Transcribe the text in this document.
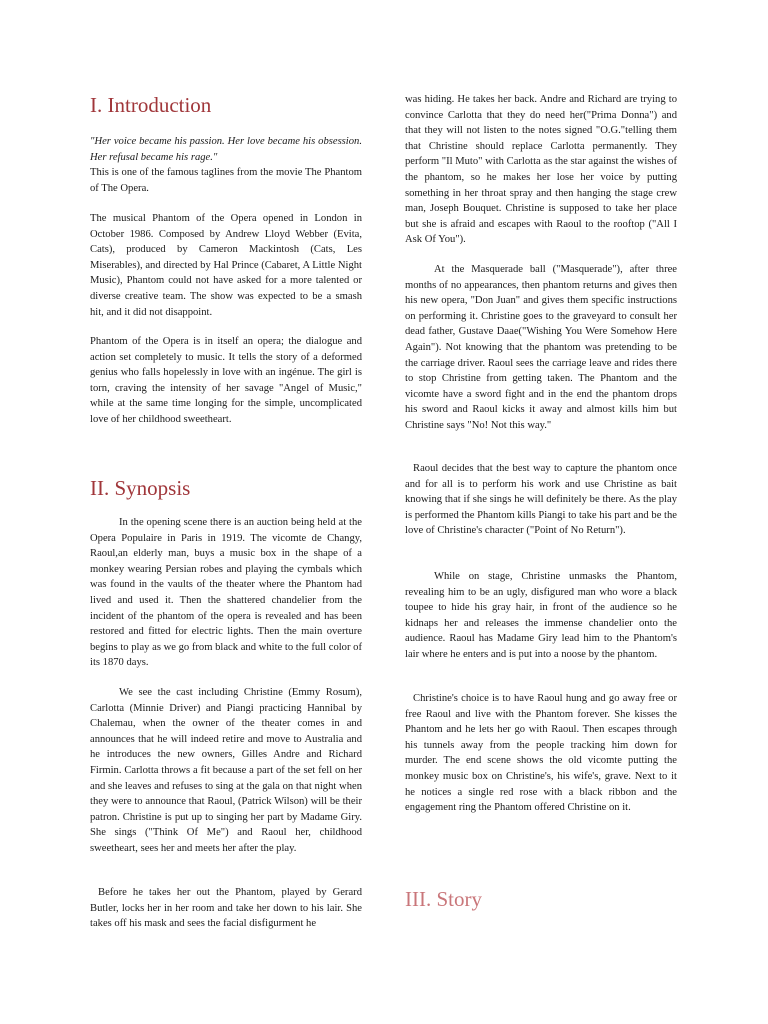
I. Introduction

"Her voice became his passion. Her love became his obsession. Her refusal became his rage."
This is one of the famous taglines from the movie The Phantom of The Opera.

The musical Phantom of the Opera opened in London in October 1986. Composed by Andrew Lloyd Webber (Evita, Cats), produced by Cameron Mackintosh (Cats, Les Miserables), and directed by Hal Prince (Cabaret, A Little Night Music), Phantom could not have asked for a more talented or diverse creative team. The show was expected to be a smash hit, and it did not disappoint.

Phantom of the Opera is in itself an opera; the dialogue and action set completely to music. It tells the story of a deformed genius who falls hopelessly in love with an ingénue. The girl is torn, craving the intensity of her savage "Angel of Music," while at the same time longing for the simple, uncomplicated love of her childhood sweetheart.

II. Synopsis

In the opening scene there is an auction being held at the Opera Populaire in Paris in 1919. The vicomte de Changy, Raoul,an elderly man, buys a music box in the shape of a monkey wearing Persian robes and playing the cymbals which was found in the vaults of the theater where the Phantom had lived and used it. Then the shattered chandelier from the incident of the phantom of the opera is revealed and has been restored and fitted for electric lights. Then the main overture begins to play as we go from black and white to the full color of its 1870 days.

We see the cast including Christine (Emmy Rosum), Carlotta (Minnie Driver) and Piangi practicing Hannibal by Chalemau, when the owner of the theater comes in and announces that he will indeed retire and move to Australia and he introduces the new owners, Gilles Andre and Richard Firmin. Carlotta throws a fit because a part of the set fell on her and she leaves and refuses to sing at the gala on that night when they were to announce that Raoul, (Patrick Wilson) will be their patron. Christine is put up to singing her part by Madame Giry. She sings ("Think Of Me") and Raoul her, childhood sweetheart, sees her and meets her after the play.

Before he takes her out the Phantom, played by Gerard Butler, locks her in her room and take her down to his lair. She takes off his mask and sees the facial disfigurment he

was hiding. He takes her back. Andre and Richard are trying to convince Carlotta that they do need her("Prima Donna") and that they will not listen to the notes signed "O.G."telling them that Christine should replace Carlotta permanently. They perform "Il Muto" with Carlotta as the star against the wishes of the phantom, so he makes her lose her voice by putting something in her throat spray and then hanging the stage crew man, Joseph Bouquet. Christine is supposed to take her place but she is afraid and escapes with Raoul to the rooftop ("All I Ask Of You").

At the Masquerade ball ("Masquerade"), after three months of no appearances, then phantom returns and gives then his new opera, "Don Juan" and gives them specific instructions on performing it. Christine goes to the graveyard to consult her dead father, Gustave Daae("Wishing You Were Somehow Here Again"). Not knowing that the phantom was pretending to be the carriage driver. Raoul sees the carriage leave and rides there to stop Christine from getting taken. The Phantom and the vicomte have a sword fight and in the end the phantom drops his sword and Raoul kicks it away and almost kills him but Christine says "No! Not this way."

Raoul decides that the best way to capture the phantom once and for all is to perform his work and use Christine as bait knowing that if she sings he will definitely be there. As the play is performed the Phantom kills Piangi to take his part and be the love of Christine's character ("Point of No Return").

While on stage, Christine unmasks the Phantom, revealing him to be an ugly, disfigured man who wore a black toupee to hide his gray hair, in front of the audience so he kidnaps her and releases the immense chandelier onto the audience. Raoul has Madame Giry lead him to the Phantom's lair where he enters and is put into a noose by the phantom.

Christine's choice is to have Raoul hung and go away free or free Raoul and live with the Phantom forever. She kisses the Phantom and he lets her go with Raoul. Then escapes through his tunnels away from the people tracking him down for murder. The end scene shows the old vicomte putting the monkey music box on Christine's, his wife's, grave. Next to it he notices a single red rose with a black ribbon and the engagement ring the Phantom offered Christine on it.

III. Story
